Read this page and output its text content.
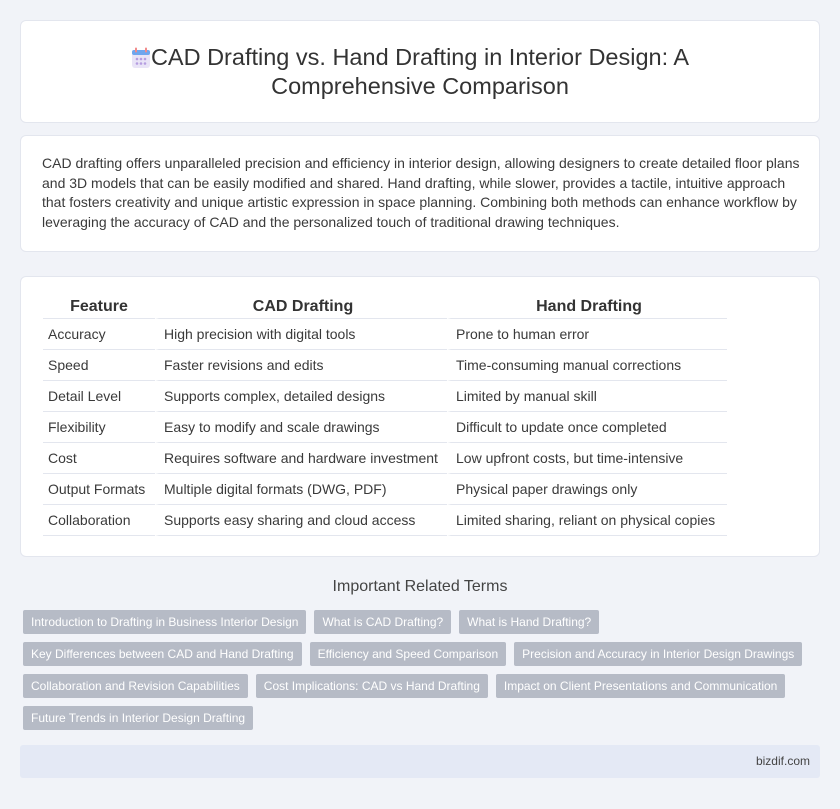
CAD Drafting vs. Hand Drafting in Interior Design: A Comprehensive Comparison

CAD drafting offers unparalleled precision and efficiency in interior design, allowing designers to create detailed floor plans and 3D models that can be easily modified and shared. Hand drafting, while slower, provides a tactile, intuitive approach that fosters creativity and unique artistic expression in space planning. Combining both methods can enhance workflow by leveraging the accuracy of CAD and the personalized touch of traditional drawing techniques.

Feature	CAD Drafting	Hand Drafting
Accuracy	High precision with digital tools	Prone to human error
Speed	Faster revisions and edits	Time-consuming manual corrections
Detail Level	Supports complex, detailed designs	Limited by manual skill
Flexibility	Easy to modify and scale drawings	Difficult to update once completed
Cost	Requires software and hardware investment	Low upfront costs, but time-intensive
Output Formats	Multiple digital formats (DWG, PDF)	Physical paper drawings only
Collaboration	Supports easy sharing and cloud access	Limited sharing, reliant on physical copies
Important Related Terms
Introduction to Drafting in Business Interior Design	What is CAD Drafting?	What is Hand Drafting?
Key Differences between CAD and Hand Drafting	Efficiency and Speed Comparison	Precision and Accuracy in Interior Design Drawings
Collaboration and Revision Capabilities	Cost Implications: CAD vs Hand Drafting	Impact on Client Presentations and Communication
Future Trends in Interior Design Drafting
bizdif.com
